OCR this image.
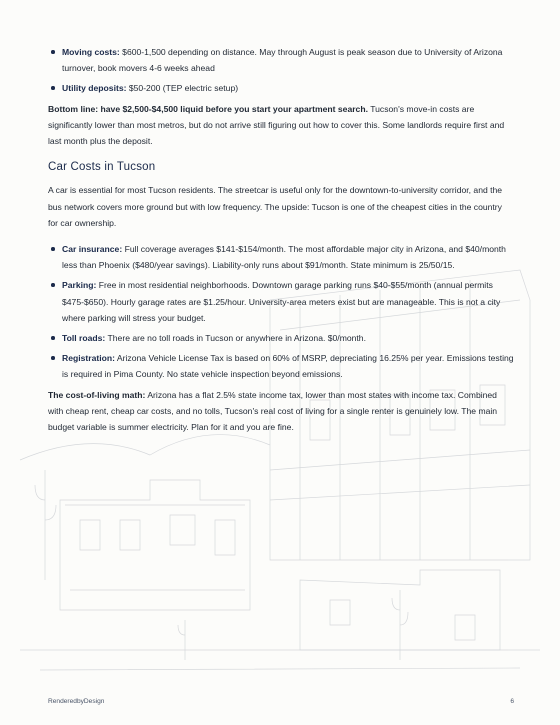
Moving costs: $600-1,500 depending on distance. May through August is peak season due to University of Arizona turnover, book movers 4-6 weeks ahead
Utility deposits: $50-200 (TEP electric setup)

Bottom line: have $2,500-$4,500 liquid before you start your apartment search. Tucson's move-in costs are significantly lower than most metros, but do not arrive still figuring out how to cover this. Some landlords require first and last month plus the deposit.

Car Costs in Tucson

A car is essential for most Tucson residents. The streetcar is useful only for the downtown-to-university corridor, and the bus network covers more ground but with low frequency. The upside: Tucson is one of the cheapest cities in the country for car ownership.

Car insurance: Full coverage averages $141-$154/month. The most affordable major city in Arizona, and $40/month less than Phoenix ($480/year savings). Liability-only runs about $91/month. State minimum is 25/50/15.
Parking: Free in most residential neighborhoods. Downtown garage parking runs $40-$55/month (annual permits $475-$650). Hourly garage rates are $1.25/hour. University-area meters exist but are manageable. This is not a city where parking will stress your budget.
Toll roads: There are no toll roads in Tucson or anywhere in Arizona. $0/month.
Registration: Arizona Vehicle License Tax is based on 60% of MSRP, depreciating 16.25% per year. Emissions testing is required in Pima County. No state vehicle inspection beyond emissions.

The cost-of-living math: Arizona has a flat 2.5% state income tax, lower than most states with income tax. Combined with cheap rent, cheap car costs, and no tolls, Tucson's real cost of living for a single renter is genuinely low. The main budget variable is summer electricity. Plan for it and you are fine.

RenderedbyDesign	6
